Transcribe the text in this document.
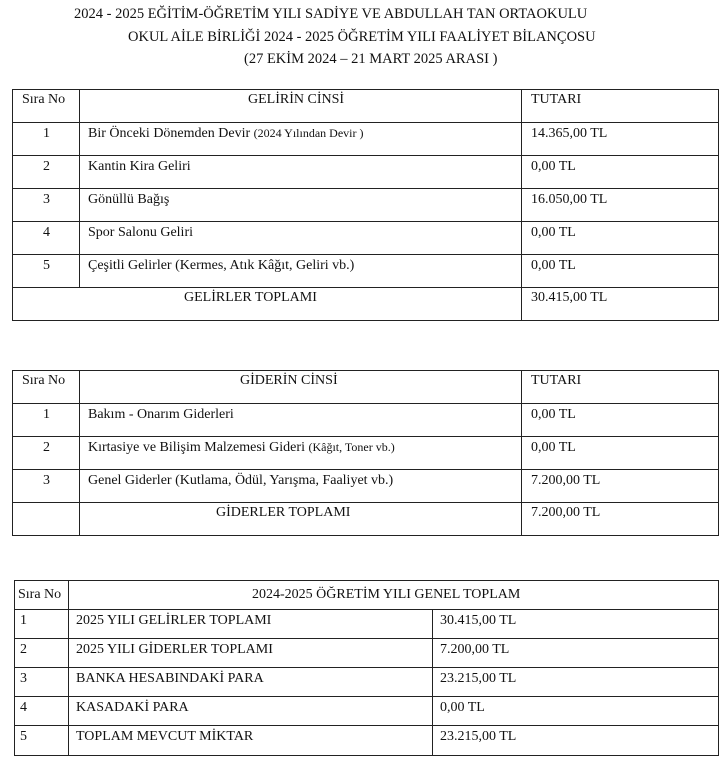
2024 - 2025 EĞİTİM-ÖĞRETİM YILI SADİYE VE ABDULLAH TAN ORTAOKULU
OKUL AİLE BİRLİĞİ 2024 - 2025 ÖĞRETİM YILI FAALİYET BİLANÇOSU
(27 EKİM 2024 – 21 MART 2025 ARASI )
Sıra No	GELİRİN CİNSİ	TUTARI
1	Bir Önceki Dönemden Devir (2024 Yılından Devir )	14.365,00 TL
2	Kantin Kira Geliri	0,00 TL
3	Gönüllü Bağış	16.050,00 TL
4	Spor Salonu Geliri	0,00 TL
5	Çeşitli Gelirler (Kermes, Atık Kâğıt, Geliri vb.)	0,00 TL
GELİRLER TOPLAMI	30.415,00 TL
Sıra No	GİDERİN CİNSİ	TUTARI
1	Bakım - Onarım Giderleri	0,00 TL
2	Kırtasiye ve Bilişim Malzemesi Gideri (Kâğıt, Toner vb.)	0,00 TL
3	Genel Giderler (Kutlama, Ödül, Yarışma, Faaliyet vb.)	7.200,00 TL
GİDERLER TOPLAMI	7.200,00 TL
Sıra No	2024-2025 ÖĞRETİM YILI GENEL TOPLAM
1	2025 YILI GELİRLER TOPLAMI	30.415,00 TL
2	2025 YILI GİDERLER TOPLAMI	7.200,00 TL
3	BANKA HESABINDAKİ PARA	23.215,00 TL
4	KASADAKİ PARA	0,00 TL
5	TOPLAM MEVCUT MİKTAR	23.215,00 TL
